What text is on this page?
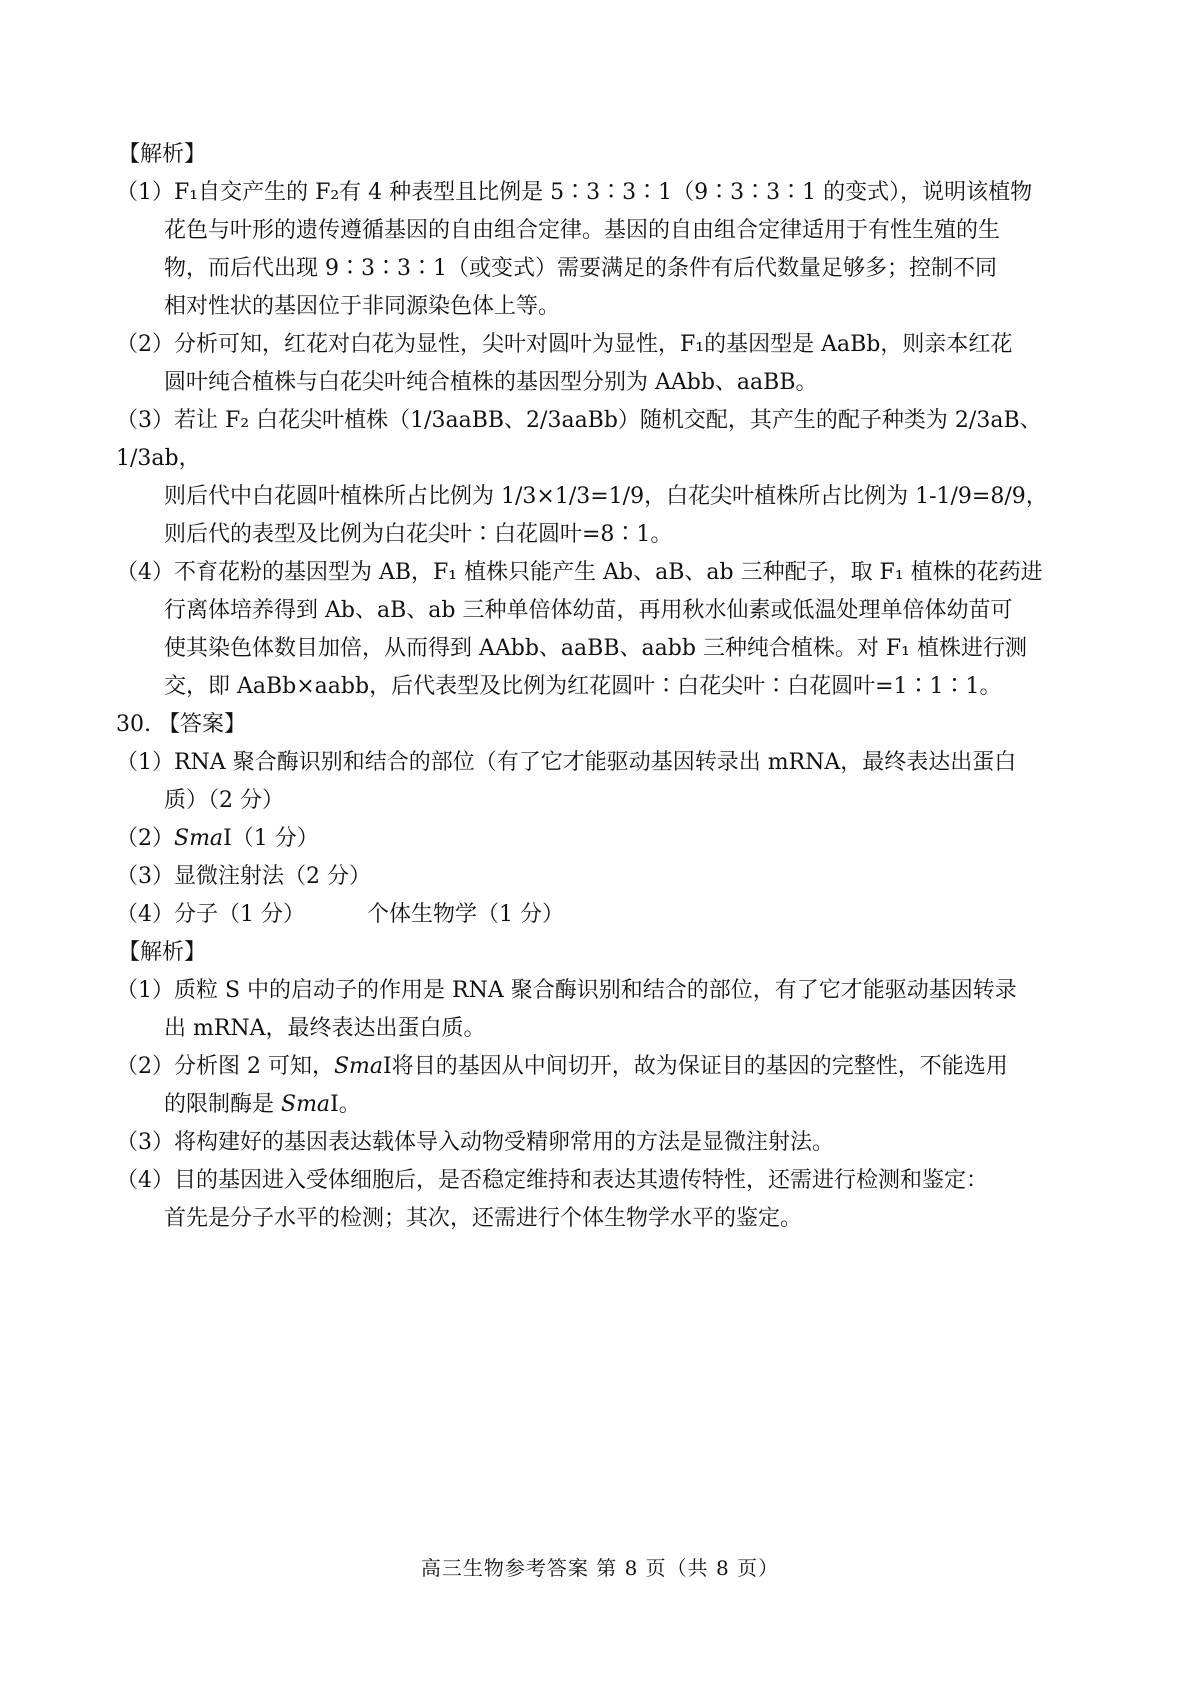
【解析】
（1）F₁自交产生的 F₂有 4 种表型且比例是 5∶3∶3∶1（9∶3∶3∶1 的变式），说明该植物
花色与叶形的遗传遵循基因的自由组合定律。基因的自由组合定律适用于有性生殖的生
物，而后代出现 9∶3∶3∶1（或变式）需要满足的条件有后代数量足够多；控制不同
相对性状的基因位于非同源染色体上等。
（2）分析可知，红花对白花为显性，尖叶对圆叶为显性，F₁的基因型是 AaBb，则亲本红花
圆叶纯合植株与白花尖叶纯合植株的基因型分别为 AAbb、aaBB。
（3）若让 F₂ 白花尖叶植株（1/3aaBB、2/3aaBb）随机交配，其产生的配子种类为 2/3aB、1/3ab，
则后代中白花圆叶植株所占比例为 1/3×1/3=1/9，白花尖叶植株所占比例为 1-1/9=8/9，
则后代的表型及比例为白花尖叶∶白花圆叶=8∶1。
（4）不育花粉的基因型为 AB，F₁ 植株只能产生 Ab、aB、ab 三种配子，取 F₁ 植株的花药进
行离体培养得到 Ab、aB、ab 三种单倍体幼苗，再用秋水仙素或低温处理单倍体幼苗可
使其染色体数目加倍，从而得到 AAbb、aaBB、aabb 三种纯合植株。对 F₁ 植株进行测
交，即 AaBb×aabb，后代表型及比例为红花圆叶∶白花尖叶∶白花圆叶=1∶1∶1。
30. 【答案】
（1）RNA 聚合酶识别和结合的部位（有了它才能驱动基因转录出 mRNA，最终表达出蛋白
质）（2 分）
（2）SmaⅠ（1 分）
（3）显微注射法（2 分）
（4）分子（1 分）	个体生物学（1 分）
【解析】
（1）质粒 S 中的启动子的作用是 RNA 聚合酶识别和结合的部位，有了它才能驱动基因转录
出 mRNA，最终表达出蛋白质。
（2）分析图 2 可知，SmaⅠ将目的基因从中间切开，故为保证目的基因的完整性，不能选用
的限制酶是 SmaⅠ。
（3）将构建好的基因表达载体导入动物受精卵常用的方法是显微注射法。
（4）目的基因进入受体细胞后，是否稳定维持和表达其遗传特性，还需进行检测和鉴定：
首先是分子水平的检测；其次，还需进行个体生物学水平的鉴定。
高三生物参考答案 第 8 页（共 8 页）
